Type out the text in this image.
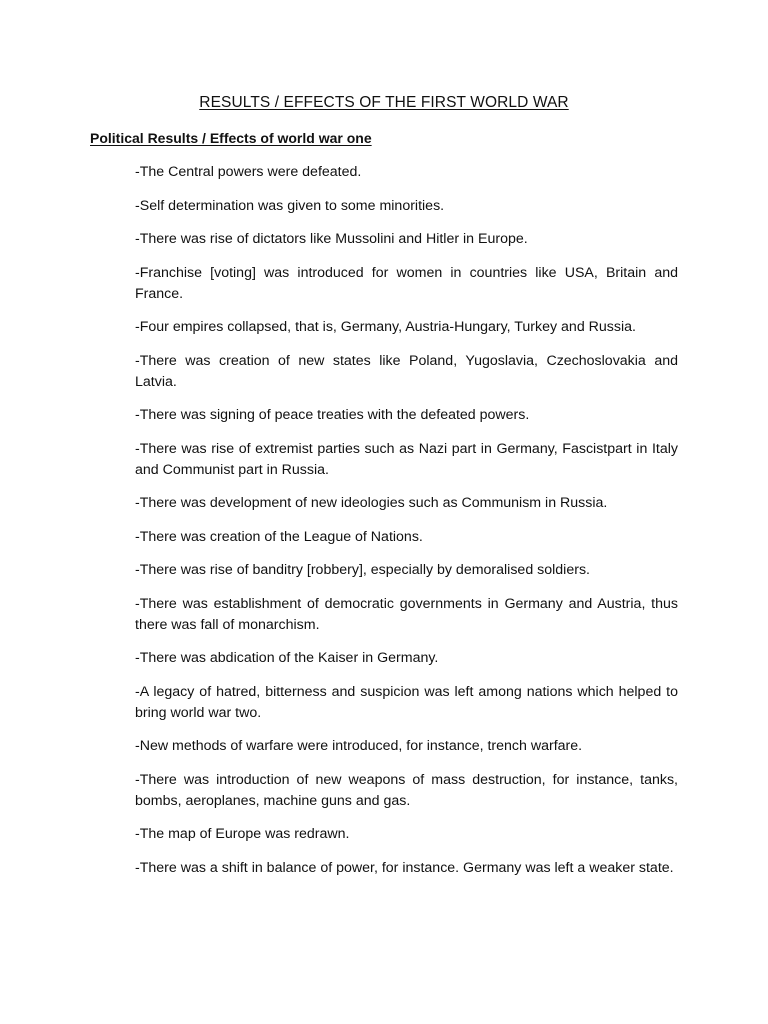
RESULTS / EFFECTS OF THE FIRST WORLD WAR
Political Results / Effects of world war one
-The Central powers were defeated.
-Self determination was given to some minorities.
-There was rise of dictators like Mussolini and Hitler in Europe.
-Franchise [voting] was introduced for women in countries like USA, Britain and France.
-Four empires collapsed, that is, Germany, Austria-Hungary, Turkey and Russia.
-There was creation of new states like Poland, Yugoslavia, Czechoslovakia and Latvia.
-There was signing of peace treaties with the defeated powers.
-There was rise of extremist parties such as Nazi part in Germany, Fascistpart in Italy and Communist part in Russia.
-There was development of new ideologies such as Communism in Russia.
-There was creation of the League of Nations.
-There was rise of banditry [robbery], especially by demoralised soldiers.
-There was establishment of democratic governments in Germany and Austria, thus there was fall of monarchism.
-There was abdication of the Kaiser in Germany.
-A legacy of hatred, bitterness and suspicion was left among nations which helped to bring world war two.
-New methods of warfare were introduced, for instance, trench warfare.
-There was introduction of new weapons of mass destruction, for instance, tanks, bombs, aeroplanes, machine guns and gas.
-The map of Europe was redrawn.
-There was a shift in balance of power, for instance. Germany was left a weaker state.
